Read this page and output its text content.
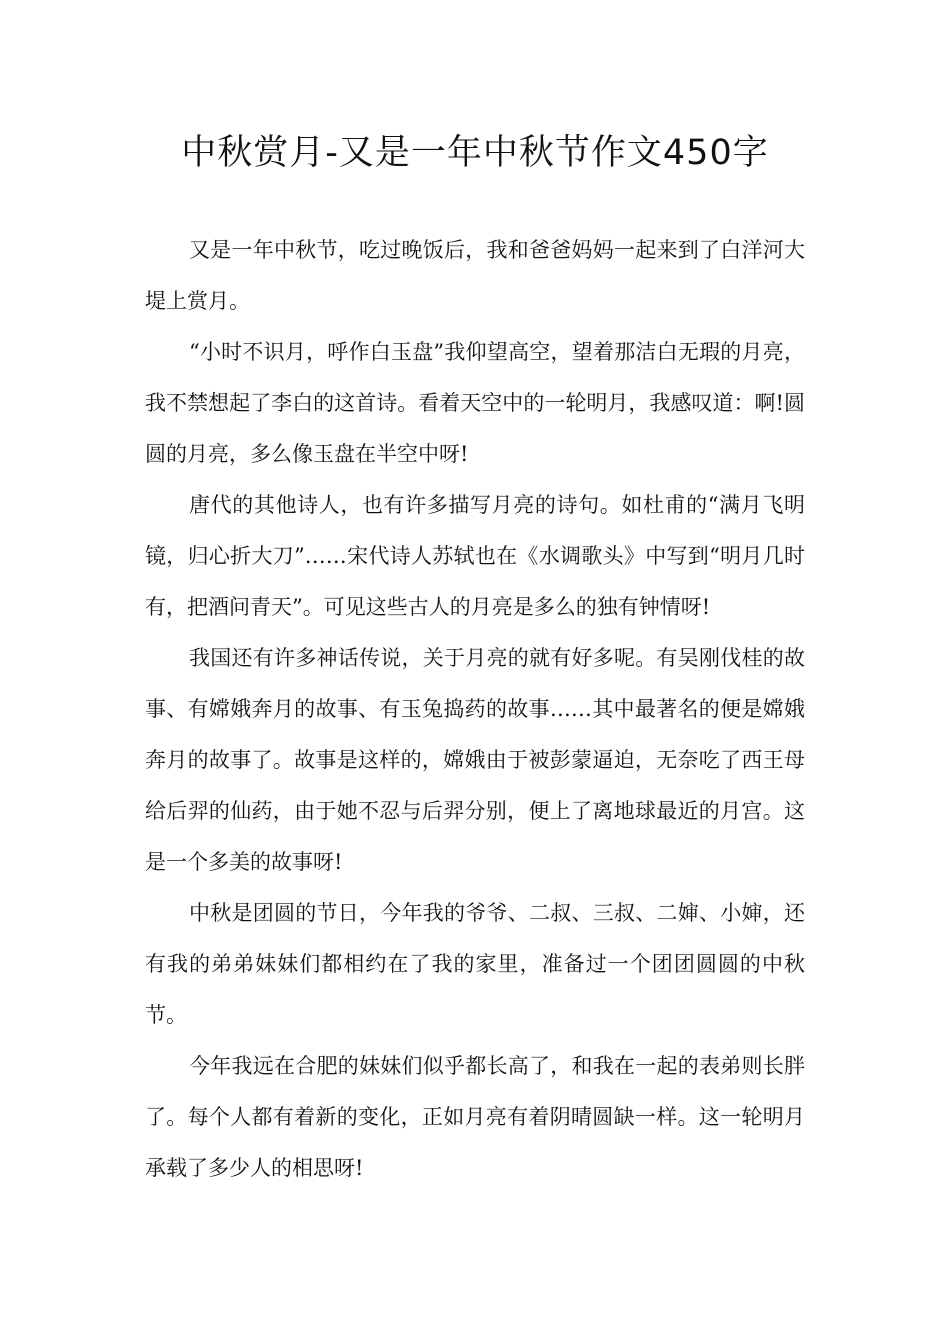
中秋赏月-又是一年中秋节作文450字

又是一年中秋节，吃过晚饭后，我和爸爸妈妈一起来到了白洋河大堤上赏月。

“小时不识月，呼作白玉盘”我仰望高空，望着那洁白无瑕的月亮，我不禁想起了李白的这首诗。看着天空中的一轮明月，我感叹道：啊!圆圆的月亮，多么像玉盘在半空中呀!

唐代的其他诗人，也有许多描写月亮的诗句。如杜甫的“满月飞明镜，归心折大刀”……宋代诗人苏轼也在《水调歌头》中写到“明月几时有，把酒问青天”。可见这些古人的月亮是多么的独有钟情呀!

我国还有许多神话传说，关于月亮的就有好多呢。有吴刚伐桂的故事、有嫦娥奔月的故事、有玉兔捣药的故事……其中最著名的便是嫦娥奔月的故事了。故事是这样的，嫦娥由于被彭蒙逼迫，无奈吃了西王母给后羿的仙药，由于她不忍与后羿分别，便上了离地球最近的月宫。这是一个多美的故事呀!

中秋是团圆的节日，今年我的爷爷、二叔、三叔、二婶、小婶，还有我的弟弟妹妹们都相约在了我的家里，准备过一个团团圆圆的中秋节。

今年我远在合肥的妹妹们似乎都长高了，和我在一起的表弟则长胖了。每个人都有着新的变化，正如月亮有着阴晴圆缺一样。这一轮明月承载了多少人的相思呀!
